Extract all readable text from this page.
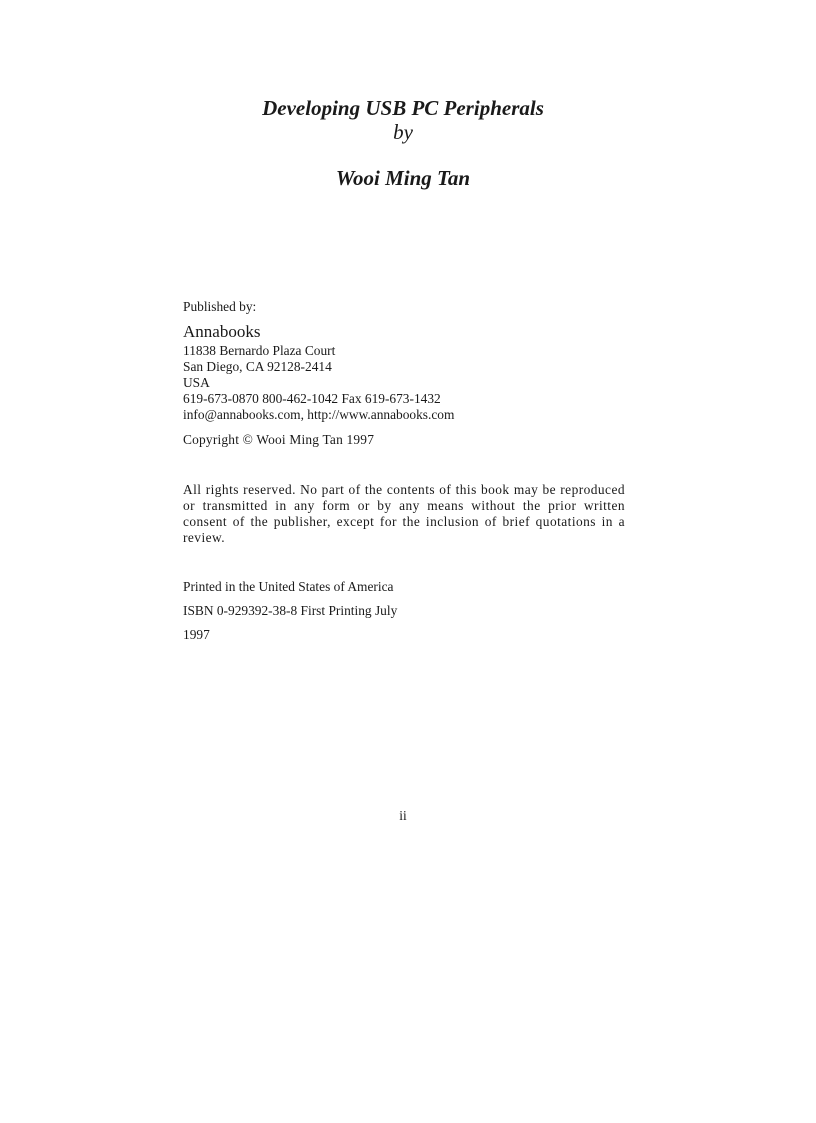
Developing USB PC Peripherals
by
Wooi Ming Tan
Published by:
Annabooks
11838 Bernardo Plaza Court
San Diego, CA 92128-2414
USA
619-673-0870 800-462-1042 Fax 619-673-1432
info@annabooks.com, http://www.annabooks.com
Copyright © Wooi Ming Tan 1997

All rights reserved. No part of the contents of this book may be reproduced or transmitted in any form or by any means without the prior written consent of the publisher, except for the inclusion of brief quotations in a review.

Printed in the United States of America
ISBN 0-929392-38-8 First Printing July
1997
ii
